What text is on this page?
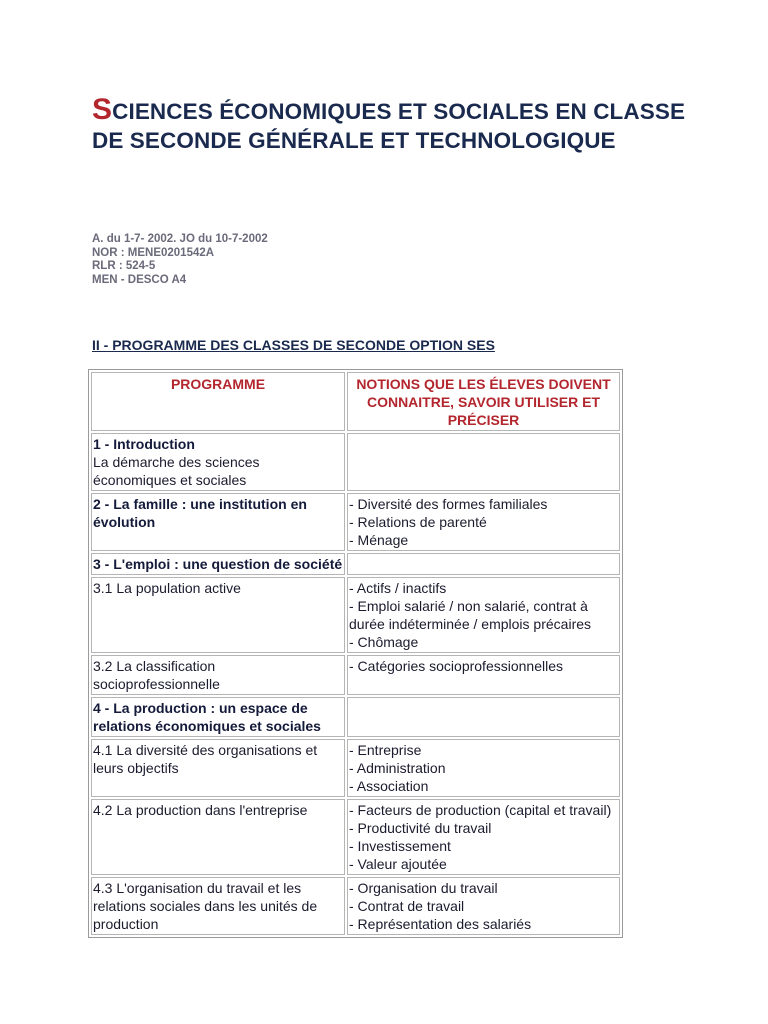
SCIENCES ÉCONOMIQUES ET SOCIALES EN CLASSE DE SECONDE GÉNÉRALE ET TECHNOLOGIQUE
A. du 1-7- 2002. JO du 10-7-2002
NOR : MENE0201542A
RLR : 524-5
MEN - DESCO A4
II - PROGRAMME DES CLASSES DE SECONDE OPTION SES
PROGRAMME	NOTIONS QUE LES ÉLEVES DOIVENT CONNAITRE, SAVOIR UTILISER ET PRÉCISER

1 - Introduction
La démarche des sciences économiques et sociales	

2 - La famille : une institution en évolution	- Diversité des formes familiales
- Relations de parenté
- Ménage

3 - L'emploi : une question de société	

3.1 La population active	- Actifs / inactifs
- Emploi salarié / non salarié, contrat à durée indéterminée / emplois précaires
- Chômage

3.2 La classification socioprofessionnelle	- Catégories socioprofessionnelles

4 - La production : un espace de relations économiques et sociales	

4.1 La diversité des organisations et leurs objectifs	- Entreprise
- Administration
- Association

4.2 La production dans l'entreprise	- Facteurs de production (capital et travail)
- Productivité du travail
- Investissement
- Valeur ajoutée

4.3 L'organisation du travail et les relations sociales dans les unités de production	- Organisation du travail
- Contrat de travail
- Représentation des salariés
